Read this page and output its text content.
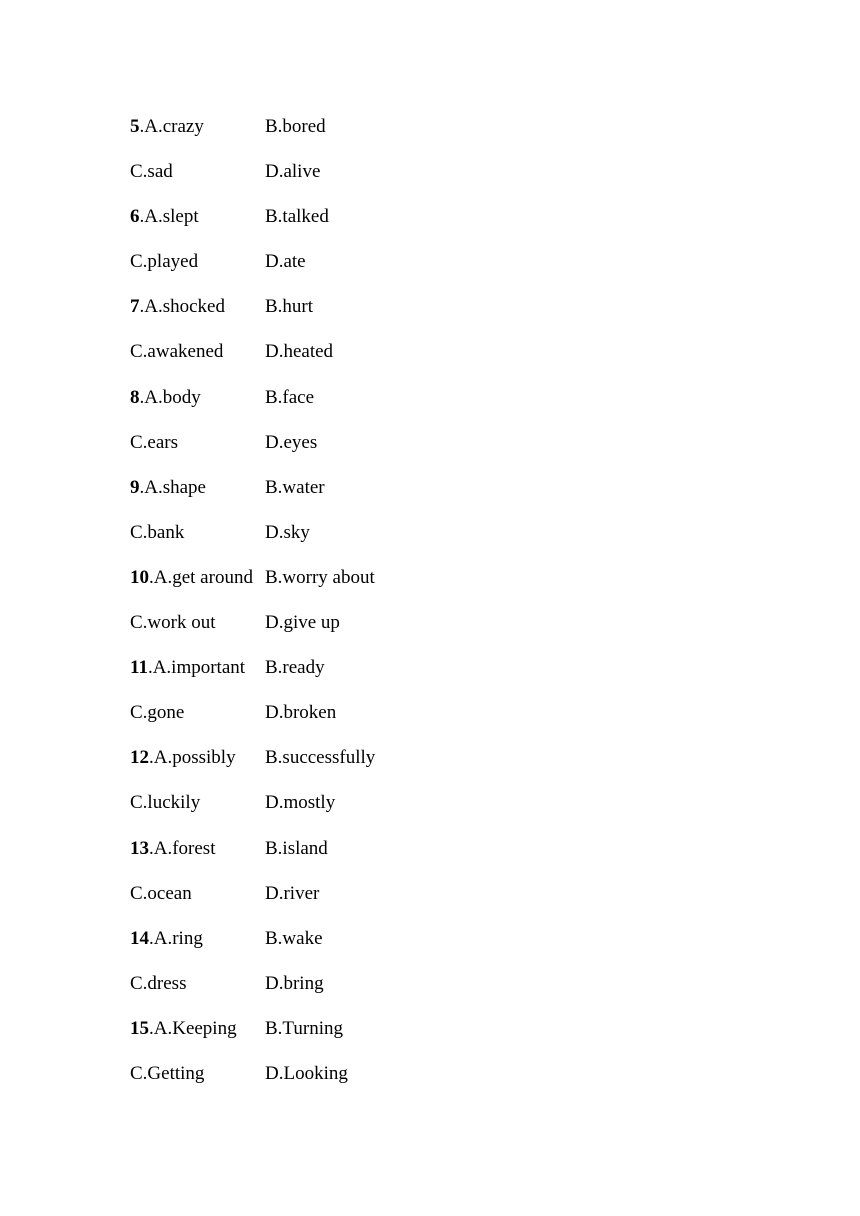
5.A.crazy	B.bored
C.sad	D.alive
6.A.slept	B.talked
C.played	D.ate
7.A.shocked	B.hurt
C.awakened	D.heated
8.A.body	B.face
C.ears	D.eyes
9.A.shape	B.water
C.bank	D.sky
10.A.get around B.worry about
C.work out	D.give up
11.A.important	B.ready
C.gone	D.broken
12.A.possibly	B.successfully
C.luckily	D.mostly
13.A.forest	B.island
C.ocean	D.river
14.A.ring	B.wake
C.dress	D.bring
15.A.Keeping	B.Turning
C.Getting	D.Looking
